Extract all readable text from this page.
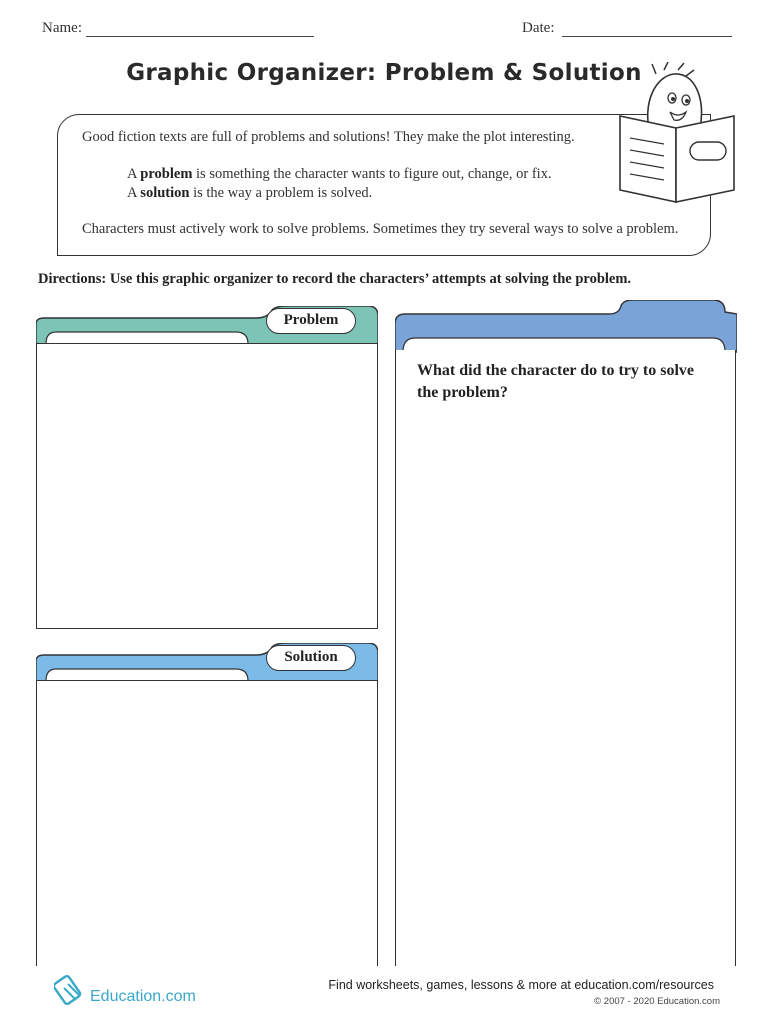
Name:	Date:
Graphic Organizer: Problem & Solution
Good fiction texts are full of problems and solutions! They make the plot interesting.
A problem is something the character wants to figure out, change, or fix.
A solution is the way a problem is solved.
Characters must actively work to solve problems. Sometimes they try several ways to solve a problem.
Directions: Use this graphic organizer to record the characters’ attempts at solving the problem.
Problem
Solution
What did the character do to try to solve the problem?
Education.com
Find worksheets, games, lessons & more at education.com/resources
© 2007 - 2020 Education.com
